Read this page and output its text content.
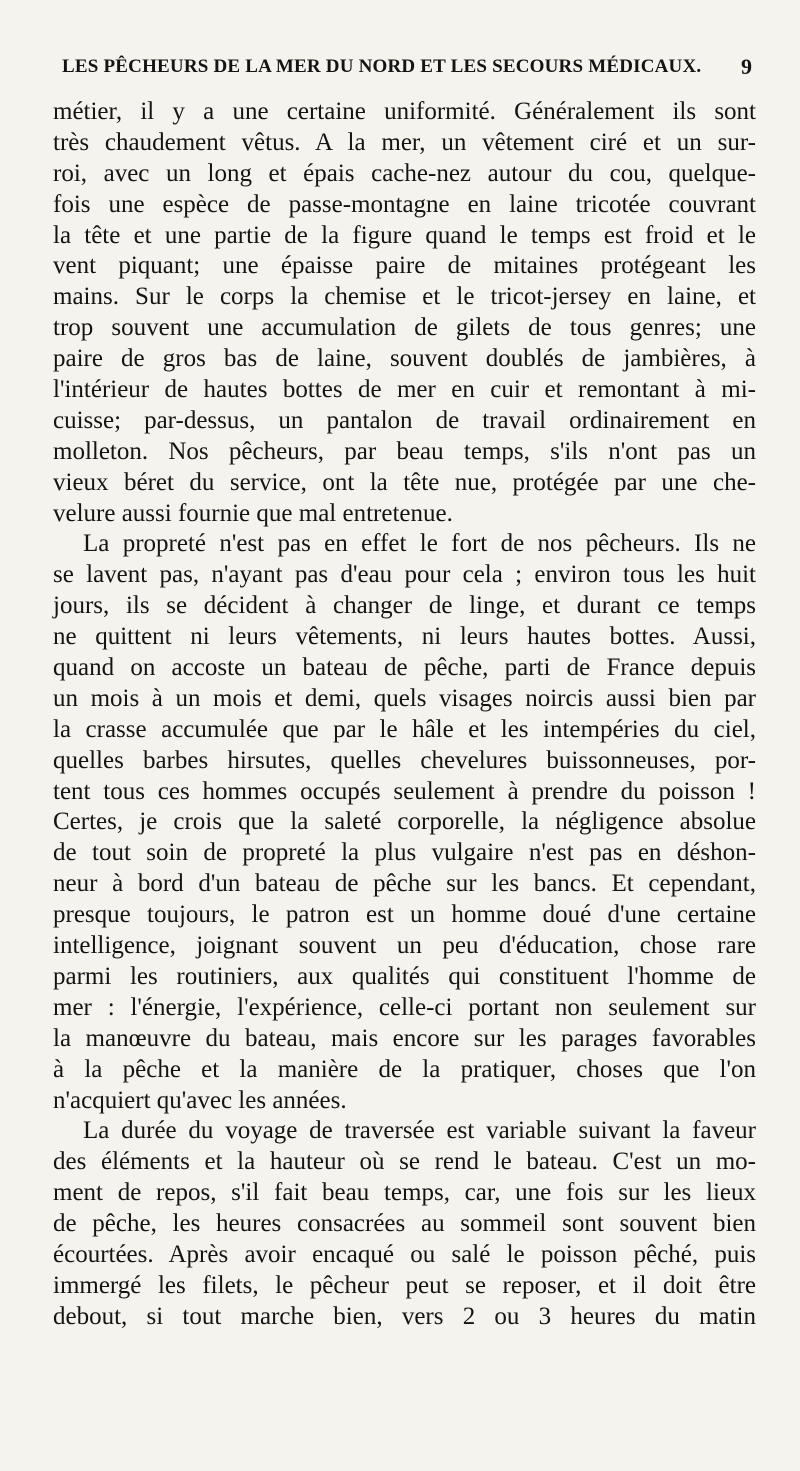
LES PÊCHEURS DE LA MER DU NORD ET LES SECOURS MÉDICAUX. 9
métier, il y a une certaine uniformité. Généralement ils sont
très chaudement vêtus. A la mer, un vêtement ciré et un sur-
roi, avec un long et épais cache-nez autour du cou, quelque-
fois une espèce de passe-montagne en laine tricotée couvrant
la tête et une partie de la figure quand le temps est froid et le
vent piquant; une épaisse paire de mitaines protégeant les
mains. Sur le corps la chemise et le tricot-jersey en laine, et
trop souvent une accumulation de gilets de tous genres; une
paire de gros bas de laine, souvent doublés de jambières, à
l'intérieur de hautes bottes de mer en cuir et remontant à mi-
cuisse; par-dessus, un pantalon de travail ordinairement en
molleton. Nos pêcheurs, par beau temps, s'ils n'ont pas un
vieux béret du service, ont la tête nue, protégée par une che-
velure aussi fournie que mal entretenue.
La propreté n'est pas en effet le fort de nos pêcheurs. Ils ne
se lavent pas, n'ayant pas d'eau pour cela ; environ tous les huit
jours, ils se décident à changer de linge, et durant ce temps
ne quittent ni leurs vêtements, ni leurs hautes bottes. Aussi,
quand on accoste un bateau de pêche, parti de France depuis
un mois à un mois et demi, quels visages noircis aussi bien par
la crasse accumulée que par le hâle et les intempéries du ciel,
quelles barbes hirsutes, quelles chevelures buissonneuses, por-
tent tous ces hommes occupés seulement à prendre du poisson !
Certes, je crois que la saleté corporelle, la négligence absolue
de tout soin de propreté la plus vulgaire n'est pas en déshon-
neur à bord d'un bateau de pêche sur les bancs. Et cependant,
presque toujours, le patron est un homme doué d'une certaine
intelligence, joignant souvent un peu d'éducation, chose rare
parmi les routiniers, aux qualités qui constituent l'homme de
mer : l'énergie, l'expérience, celle-ci portant non seulement sur
la manœuvre du bateau, mais encore sur les parages favorables
à la pêche et la manière de la pratiquer, choses que l'on
n'acquiert qu'avec les années.
La durée du voyage de traversée est variable suivant la faveur
des éléments et la hauteur où se rend le bateau. C'est un mo-
ment de repos, s'il fait beau temps, car, une fois sur les lieux
de pêche, les heures consacrées au sommeil sont souvent bien
écourtées. Après avoir encaqué ou salé le poisson pêché, puis
immergé les filets, le pêcheur peut se reposer, et il doit être
debout, si tout marche bien, vers 2 ou 3 heures du matin
